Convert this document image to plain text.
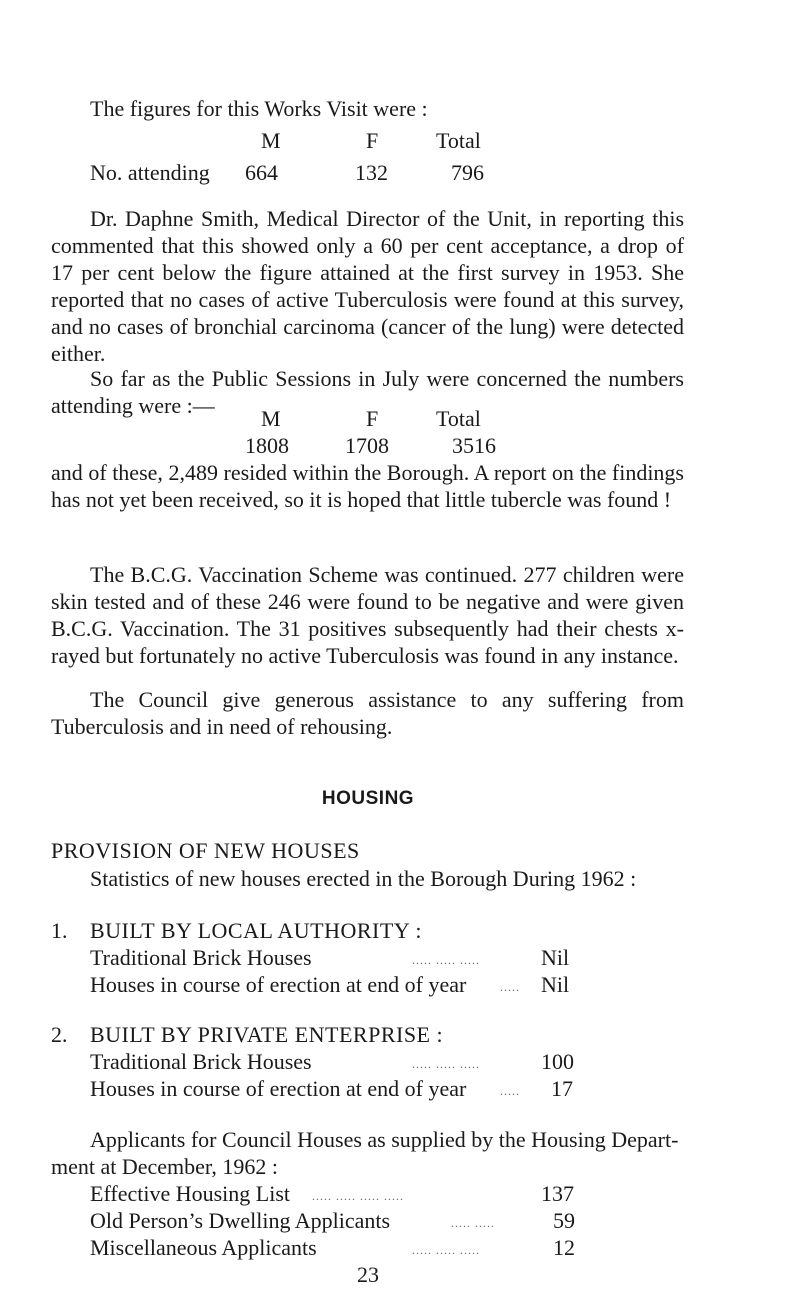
The figures for this Works Visit were :
M	F	Total
No. attending 664	132	796

Dr. Daphne Smith, Medical Director of the Unit, in reporting this commented that this showed only a 60 per cent acceptance, a drop of 17 per cent below the figure attained at the first survey in 1953. She reported that no cases of active Tuberculosis were found at this survey, and no cases of bronchial carcinoma (cancer of the lung) were detected either.

So far as the Public Sessions in July were concerned the numbers attending were :—

M	F	Total
1808	1708	3516

and of these, 2,489 resided within the Borough. A report on the findings has not yet been received, so it is hoped that little tubercle was found !

The B.C.G. Vaccination Scheme was continued. 277 children were skin tested and of these 246 were found to be negative and were given B.C.G. Vaccination. The 31 positives subsequently had their chests x-rayed but fortunately no active Tuberculosis was found in any instance.

The Council give generous assistance to any suffering from Tuberculosis and in need of rehousing.

HOUSING
PROVISION OF NEW HOUSES
Statistics of new houses erected in the Borough During 1962 :
1. BUILT BY LOCAL AUTHORITY :
Traditional Brick Houses	..... ..... .....	Nil
Houses in course of erection at end of year	..... Nil
2. BUILT BY PRIVATE ENTERPRISE :
Traditional Brick Houses	..... ..... .....	100
Houses in course of erection at end of year	..... 17
Applicants for Council Houses as supplied by the Housing Depart-
ment at December, 1962 :
Effective Housing List ..... ..... ..... .....	137
Old Person’s Dwelling Applicants	..... .....	59
Miscellaneous Applicants	..... ..... .....	12
23
